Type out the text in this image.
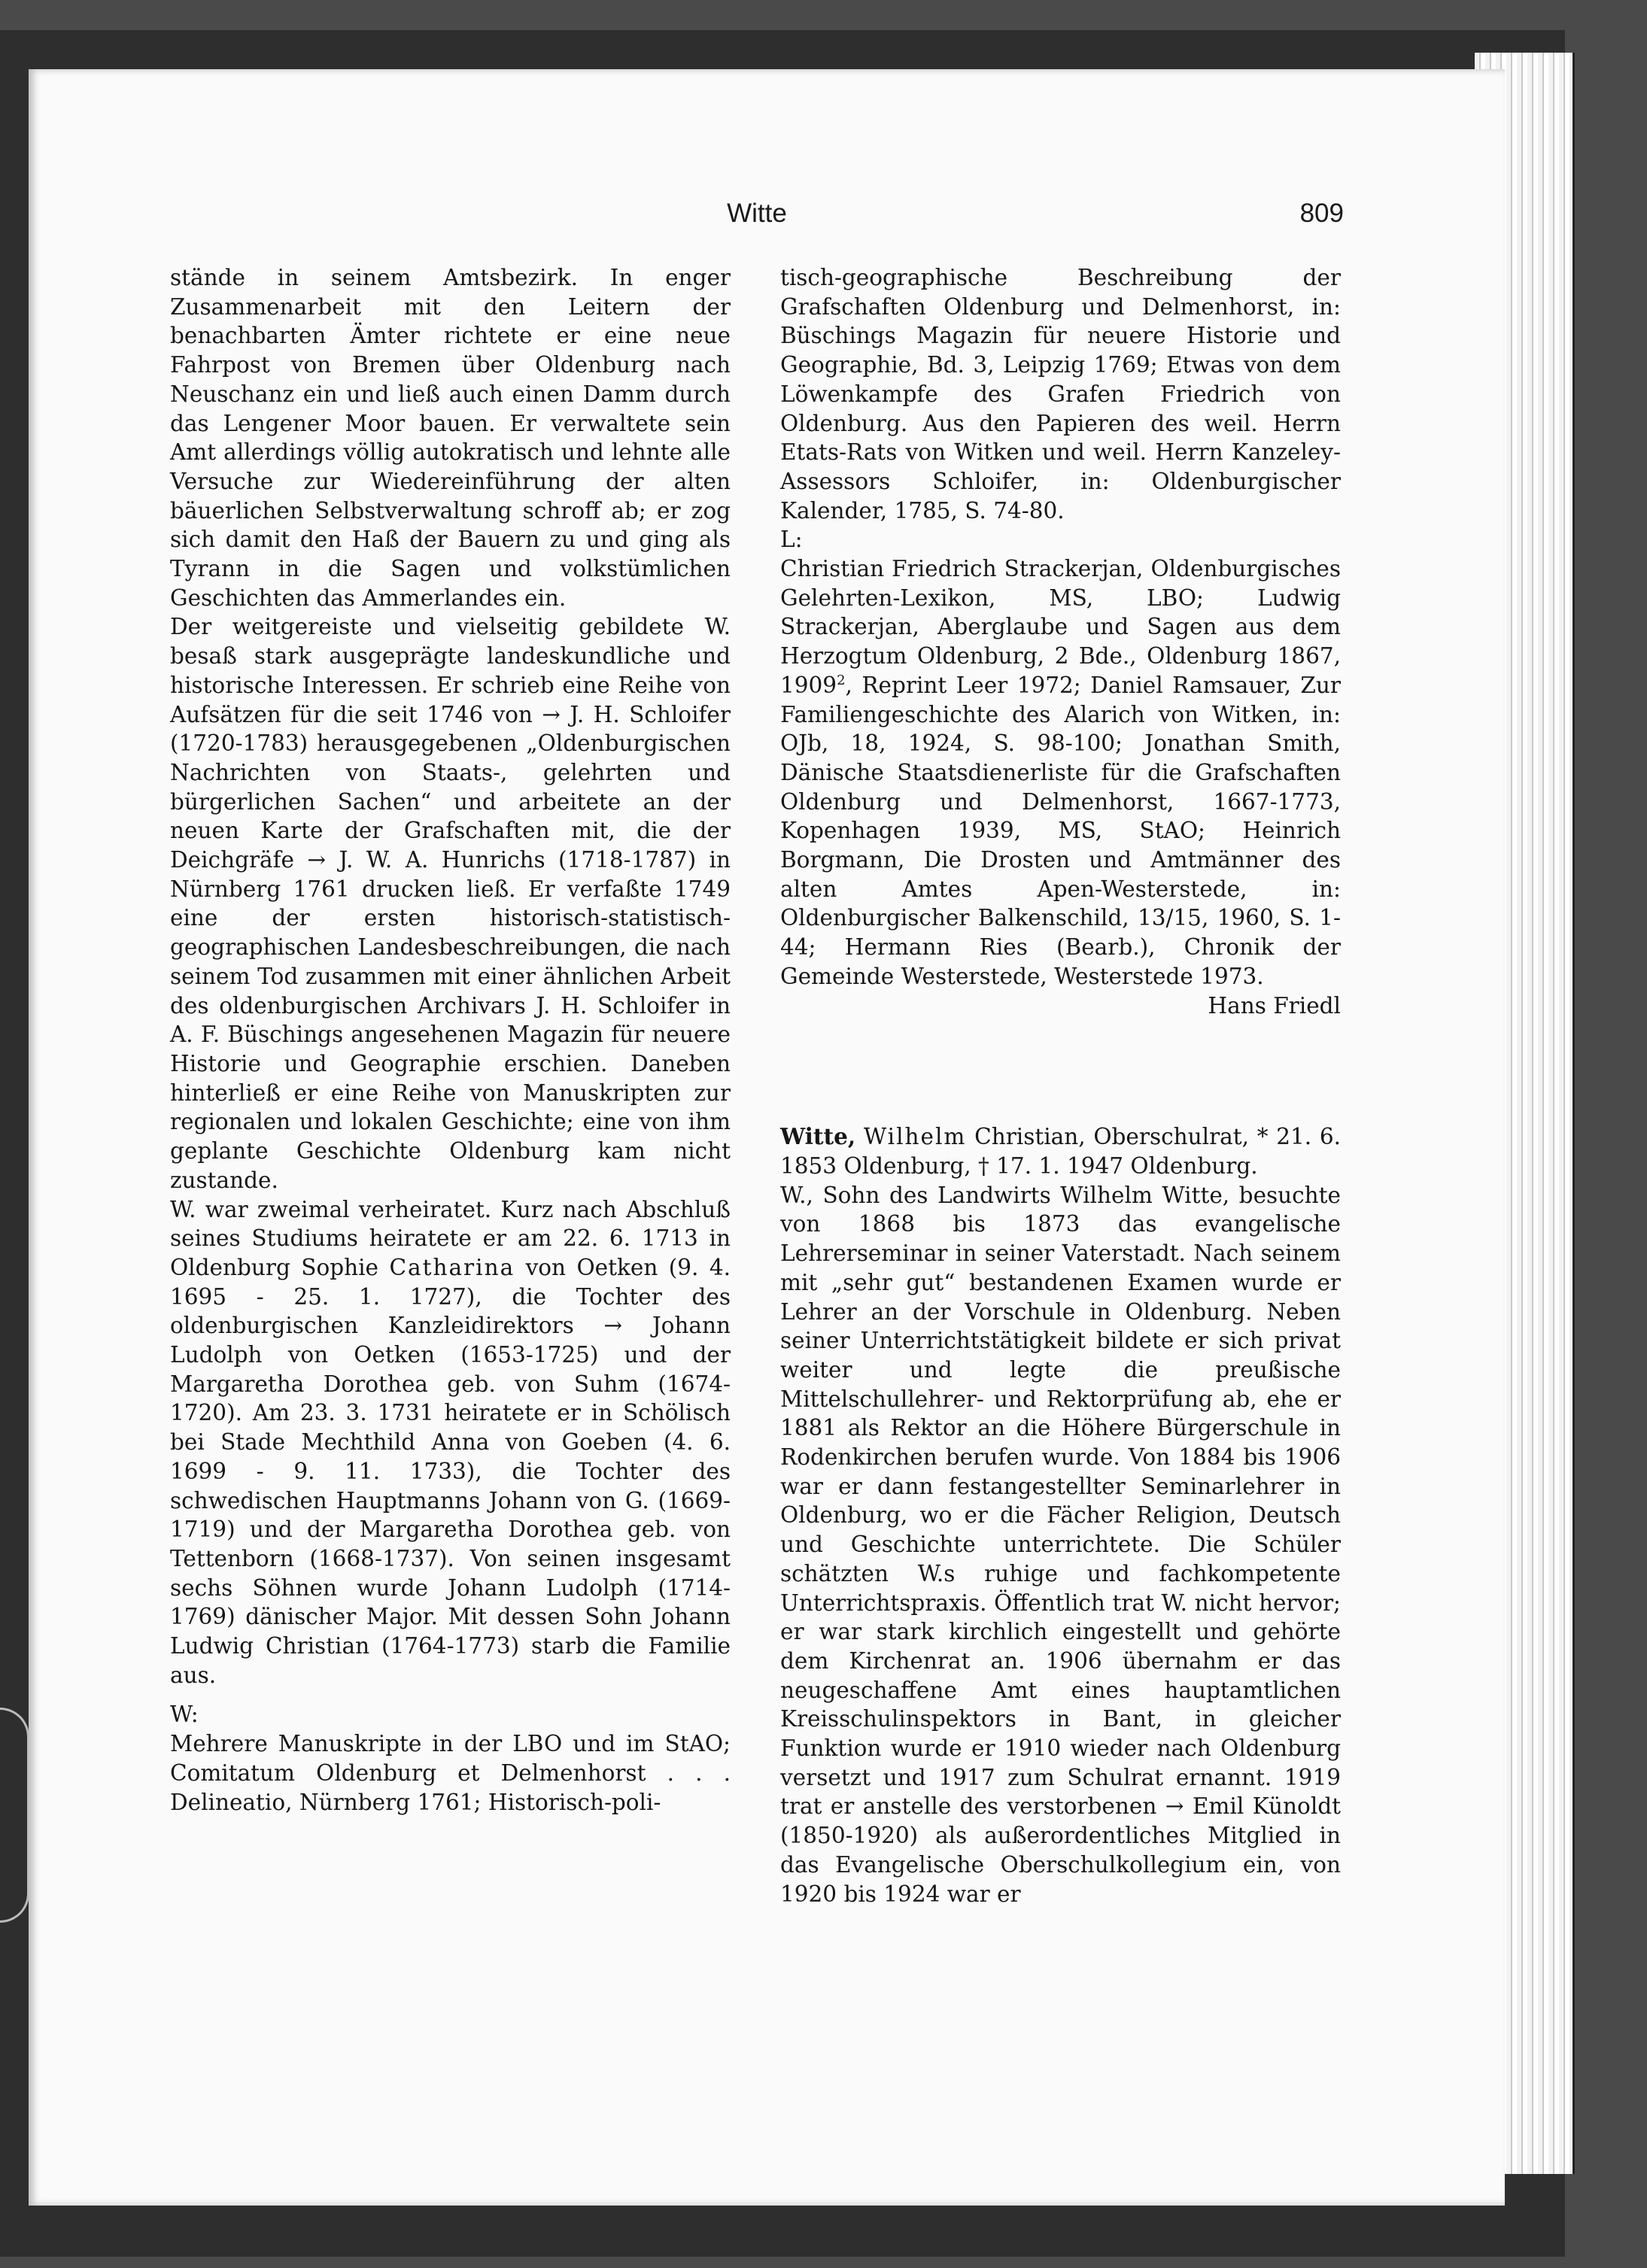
Witte	809

stände in seinem Amtsbezirk. In enger Zusammenarbeit mit den Leitern der benachbarten Ämter richtete er eine neue Fahrpost von Bremen über Oldenburg nach Neuschanz ein und ließ auch einen Damm durch das Lengener Moor bauen. Er verwaltete sein Amt allerdings völlig autokratisch und lehnte alle Versuche zur Wiedereinführung der alten bäuerlichen Selbstverwaltung schroff ab; er zog sich damit den Haß der Bauern zu und ging als Tyrann in die Sagen und volkstümlichen Geschichten das Ammerlandes ein.

Der weitgereiste und vielseitig gebildete W. besaß stark ausgeprägte landeskundliche und historische Interessen. Er schrieb eine Reihe von Aufsätzen für die seit 1746 von → J. H. Schloifer (1720-1783) herausgegebenen „Oldenburgischen Nachrichten von Staats-, gelehrten und bürgerlichen Sachen“ und arbeitete an der neuen Karte der Grafschaften mit, die der Deichgräfe → J. W. A. Hunrichs (1718-1787) in Nürnberg 1761 drucken ließ. Er verfaßte 1749 eine der ersten historisch-statistisch-geographischen Landesbeschreibungen, die nach seinem Tod zusammen mit einer ähnlichen Arbeit des oldenburgischen Archivars J. H. Schloifer in A. F. Büschings angesehenen Magazin für neuere Historie und Geographie erschien. Daneben hinterließ er eine Reihe von Manuskripten zur regionalen und lokalen Geschichte; eine von ihm geplante Geschichte Oldenburg kam nicht zustande.

W. war zweimal verheiratet. Kurz nach Abschluß seines Studiums heiratete er am 22. 6. 1713 in Oldenburg Sophie Catharina von Oetken (9. 4. 1695 - 25. 1. 1727), die Tochter des oldenburgischen Kanzleidirektors → Johann Ludolph von Oetken (1653-1725) und der Margaretha Dorothea geb. von Suhm (1674-1720). Am 23. 3. 1731 heiratete er in Schölisch bei Stade Mechthild Anna von Goeben (4. 6. 1699 - 9. 11. 1733), die Tochter des schwedischen Hauptmanns Johann von G. (1669-1719) und der Margaretha Dorothea geb. von Tettenborn (1668-1737). Von seinen insgesamt sechs Söhnen wurde Johann Ludolph (1714-1769) dänischer Major. Mit dessen Sohn Johann Ludwig Christian (1764-1773) starb die Familie aus.

W:

Mehrere Manuskripte in der LBO und im StAO; Comitatum Oldenburg et Delmenhorst . . . Delineatio, Nürnberg 1761; Historisch-poli-

tisch-geographische Beschreibung der Grafschaften Oldenburg und Delmenhorst, in: Büschings Magazin für neuere Historie und Geographie, Bd. 3, Leipzig 1769; Etwas von dem Löwenkampfe des Grafen Friedrich von Oldenburg. Aus den Papieren des weil. Herrn Etats-Rats von Witken und weil. Herrn Kanzeley-Assessors Schloifer, in: Oldenburgischer Kalender, 1785, S. 74-80.

L:

Christian Friedrich Strackerjan, Oldenburgisches Gelehrten-Lexikon, MS, LBO; Ludwig Strackerjan, Aberglaube und Sagen aus dem Herzogtum Oldenburg, 2 Bde., Oldenburg 1867, 1909$^2$, Reprint Leer 1972; Daniel Ramsauer, Zur Familiengeschichte des Alarich von Witken, in: OJb, 18, 1924, S. 98-100; Jonathan Smith, Dänische Staatsdienerliste für die Grafschaften Oldenburg und Delmenhorst, 1667-1773, Kopenhagen 1939, MS, StAO; Heinrich Borgmann, Die Drosten und Amtmänner des alten Amtes Apen-Westerstede, in: Oldenburgischer Balkenschild, 13/15, 1960, S. 1-44; Hermann Ries (Bearb.), Chronik der Gemeinde Westerstede, Westerstede 1973.

Hans Friedl

Witte, Wilhelm Christian, Oberschulrat, * 21. 6. 1853 Oldenburg, † 17. 1. 1947 Oldenburg.

W., Sohn des Landwirts Wilhelm Witte, besuchte von 1868 bis 1873 das evangelische Lehrerseminar in seiner Vaterstadt. Nach seinem mit „sehr gut“ bestandenen Examen wurde er Lehrer an der Vorschule in Oldenburg. Neben seiner Unterrichtstätigkeit bildete er sich privat weiter und legte die preußische Mittelschullehrer- und Rektorprüfung ab, ehe er 1881 als Rektor an die Höhere Bürgerschule in Rodenkirchen berufen wurde. Von 1884 bis 1906 war er dann festangestellter Seminarlehrer in Oldenburg, wo er die Fächer Religion, Deutsch und Geschichte unterrichtete. Die Schüler schätzten W.s ruhige und fachkompetente Unterrichtspraxis. Öffentlich trat W. nicht hervor; er war stark kirchlich eingestellt und gehörte dem Kirchenrat an. 1906 übernahm er das neugeschaffene Amt eines hauptamtlichen Kreisschulinspektors in Bant, in gleicher Funktion wurde er 1910 wieder nach Oldenburg versetzt und 1917 zum Schulrat ernannt. 1919 trat er anstelle des verstorbenen → Emil Künoldt (1850-1920) als außerordentliches Mitglied in das Evangelische Oberschulkollegium ein, von 1920 bis 1924 war er
